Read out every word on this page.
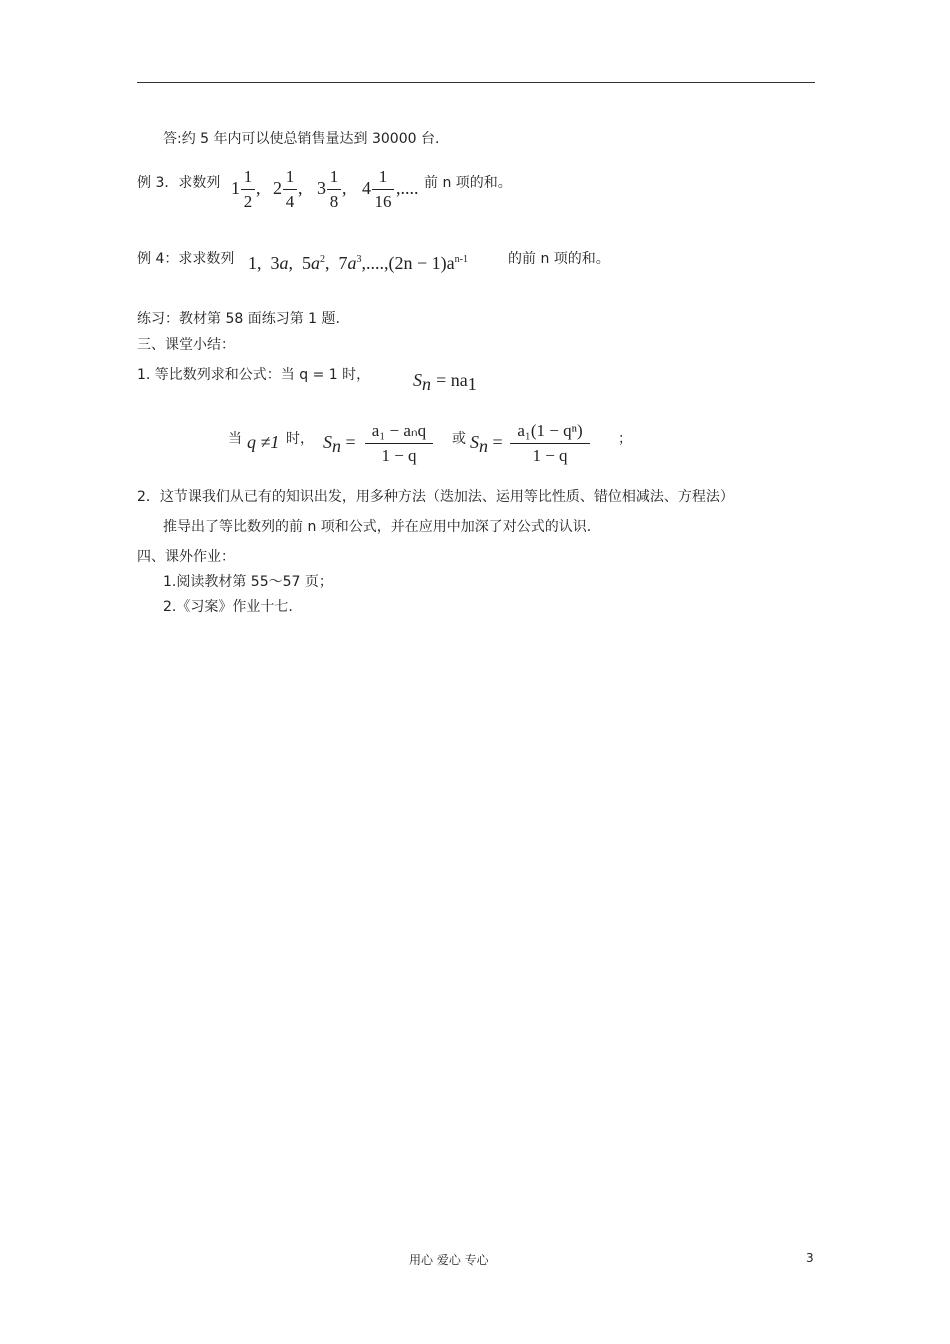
答:约 5 年内可以使总销售量达到 30000 台.
例 3．求数列 1
1
2
, 2
1
4
, 3
1
8
, 4
1
16
,.... 前 n 项的和。
例 4：求求数列 1,  3a,  $5a^2$,  $7a^3,....,(2n - 1)a^{n-1}$	的前 n 项的和。
练习：教材第 58 面练习第 1 题.
三、课堂小结：
1. 等比数列求和公式：当 q = 1 时， $S_n = na_1$
当 q ≠1 时， $S_n$ =
a₁ − aₙq
1 − q
或 $S_n$ =
a₁(1 − qⁿ)
1 − q
；
2．这节课我们从已有的知识出发，用多种方法（迭加法、运用等比性质、错位相减法、方程法）
推导出了等比数列的前 n 项和公式，并在应用中加深了对公式的认识.
四、课外作业：
1.阅读教材第 55～57 页；
2.《习案》作业十七.
用心 爱心 专心	3
